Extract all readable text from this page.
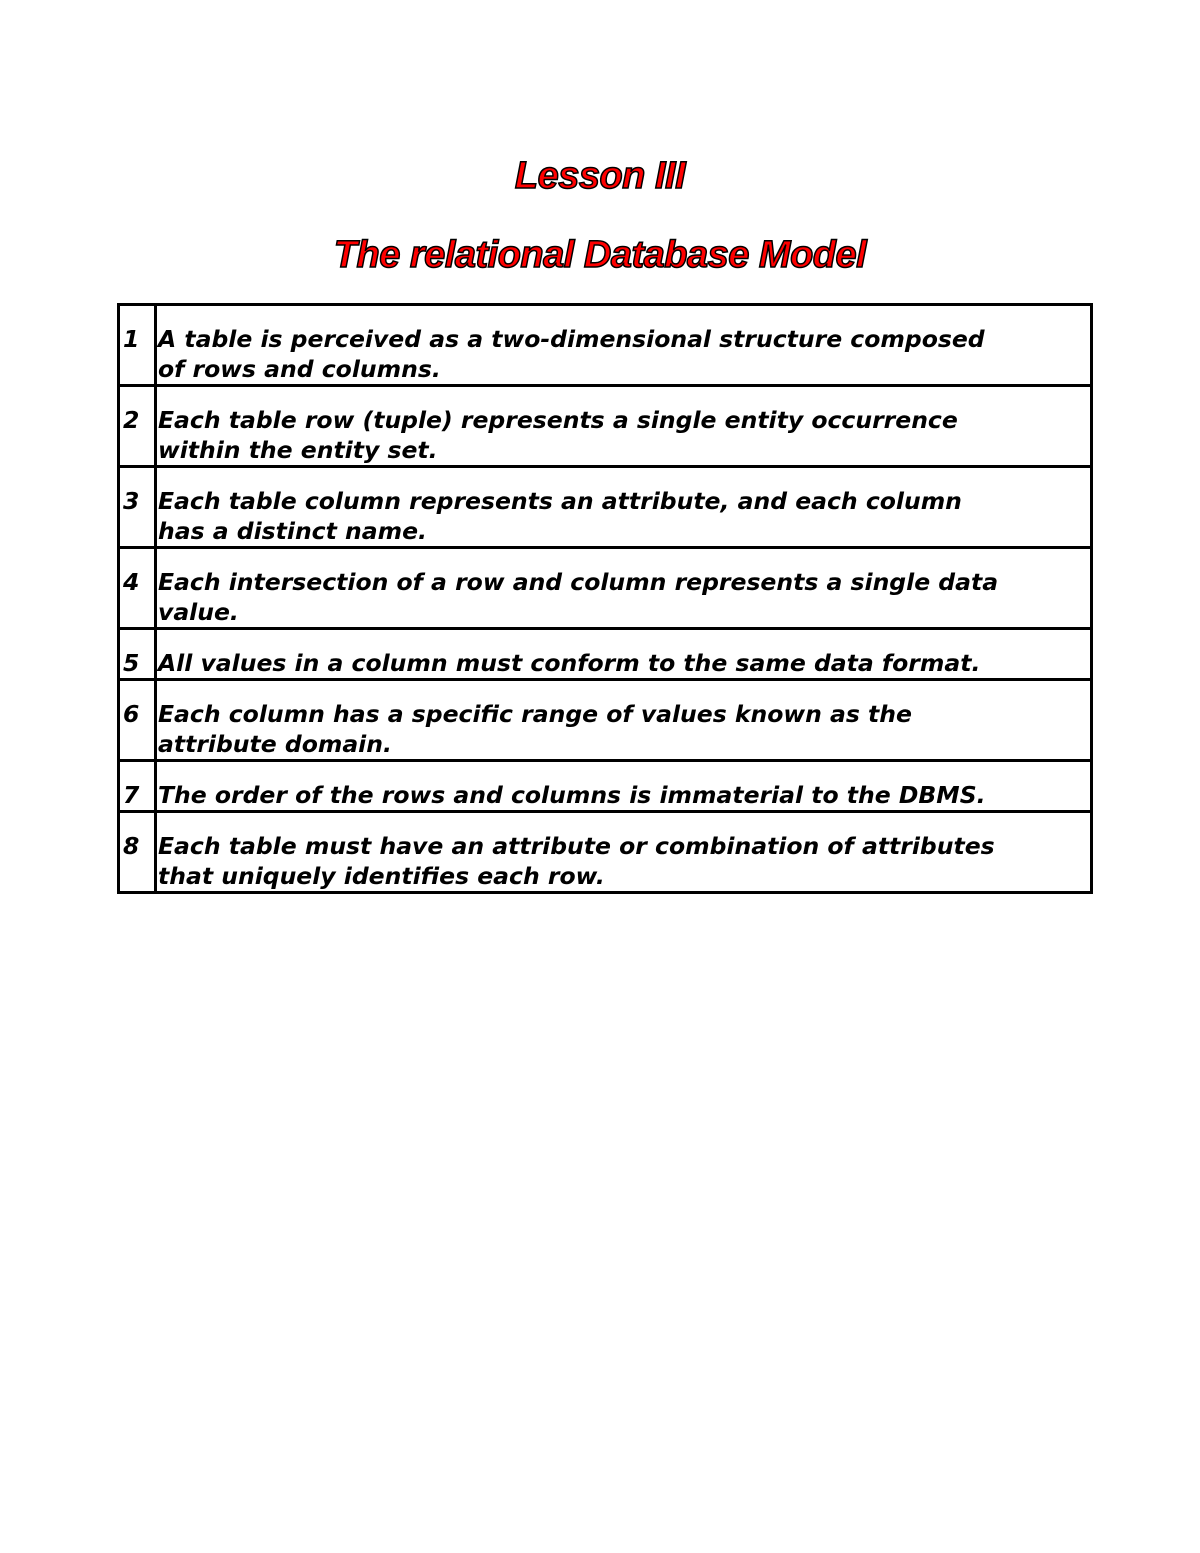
Lesson III
The relational Database Model
1	A table is perceived as a two-dimensional structure composed
of rows and columns.

2	Each table row (tuple) represents a single entity occurrence
within the entity set.

3	Each table column represents an attribute, and each column
has a distinct name.

4	Each intersection of a row and column represents a single data
value.

5	All values in a column must conform to the same data format.

6	Each column has a specific range of values known as the
attribute domain.

7	The order of the rows and columns is immaterial to the DBMS.

8	Each table must have an attribute or combination of attributes
that uniquely identifies each row.
